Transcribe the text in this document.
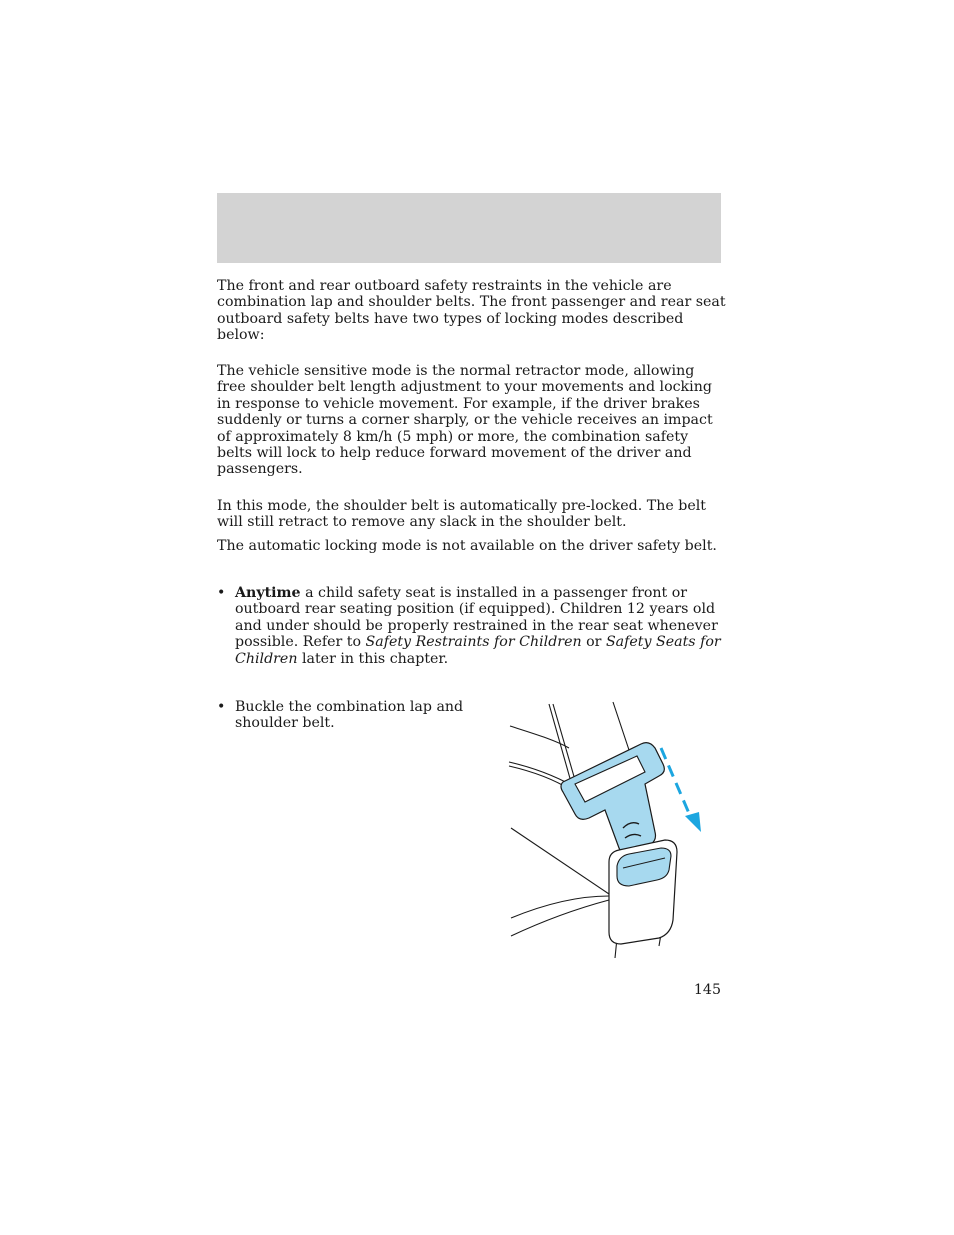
The front and rear outboard safety restraints in the vehicle are combination lap and shoulder belts. The front passenger and rear seat outboard safety belts have two types of locking modes described below:

The vehicle sensitive mode is the normal retractor mode, allowing free shoulder belt length adjustment to your movements and locking in response to vehicle movement. For example, if the driver brakes suddenly or turns a corner sharply, or the vehicle receives an impact of approximately 8 km/h (5 mph) or more, the combination safety belts will lock to help reduce forward movement of the driver and passengers.

In this mode, the shoulder belt is automatically pre-locked. The belt will still retract to remove any slack in the shoulder belt.

The automatic locking mode is not available on the driver safety belt.

• Anytime a child safety seat is installed in a passenger front or outboard rear seating position (if equipped). Children 12 years old and under should be properly restrained in the rear seat whenever possible. Refer to Safety Restraints for Children or Safety Seats for Children later in this chapter.

• Buckle the combination lap and shoulder belt.

145
